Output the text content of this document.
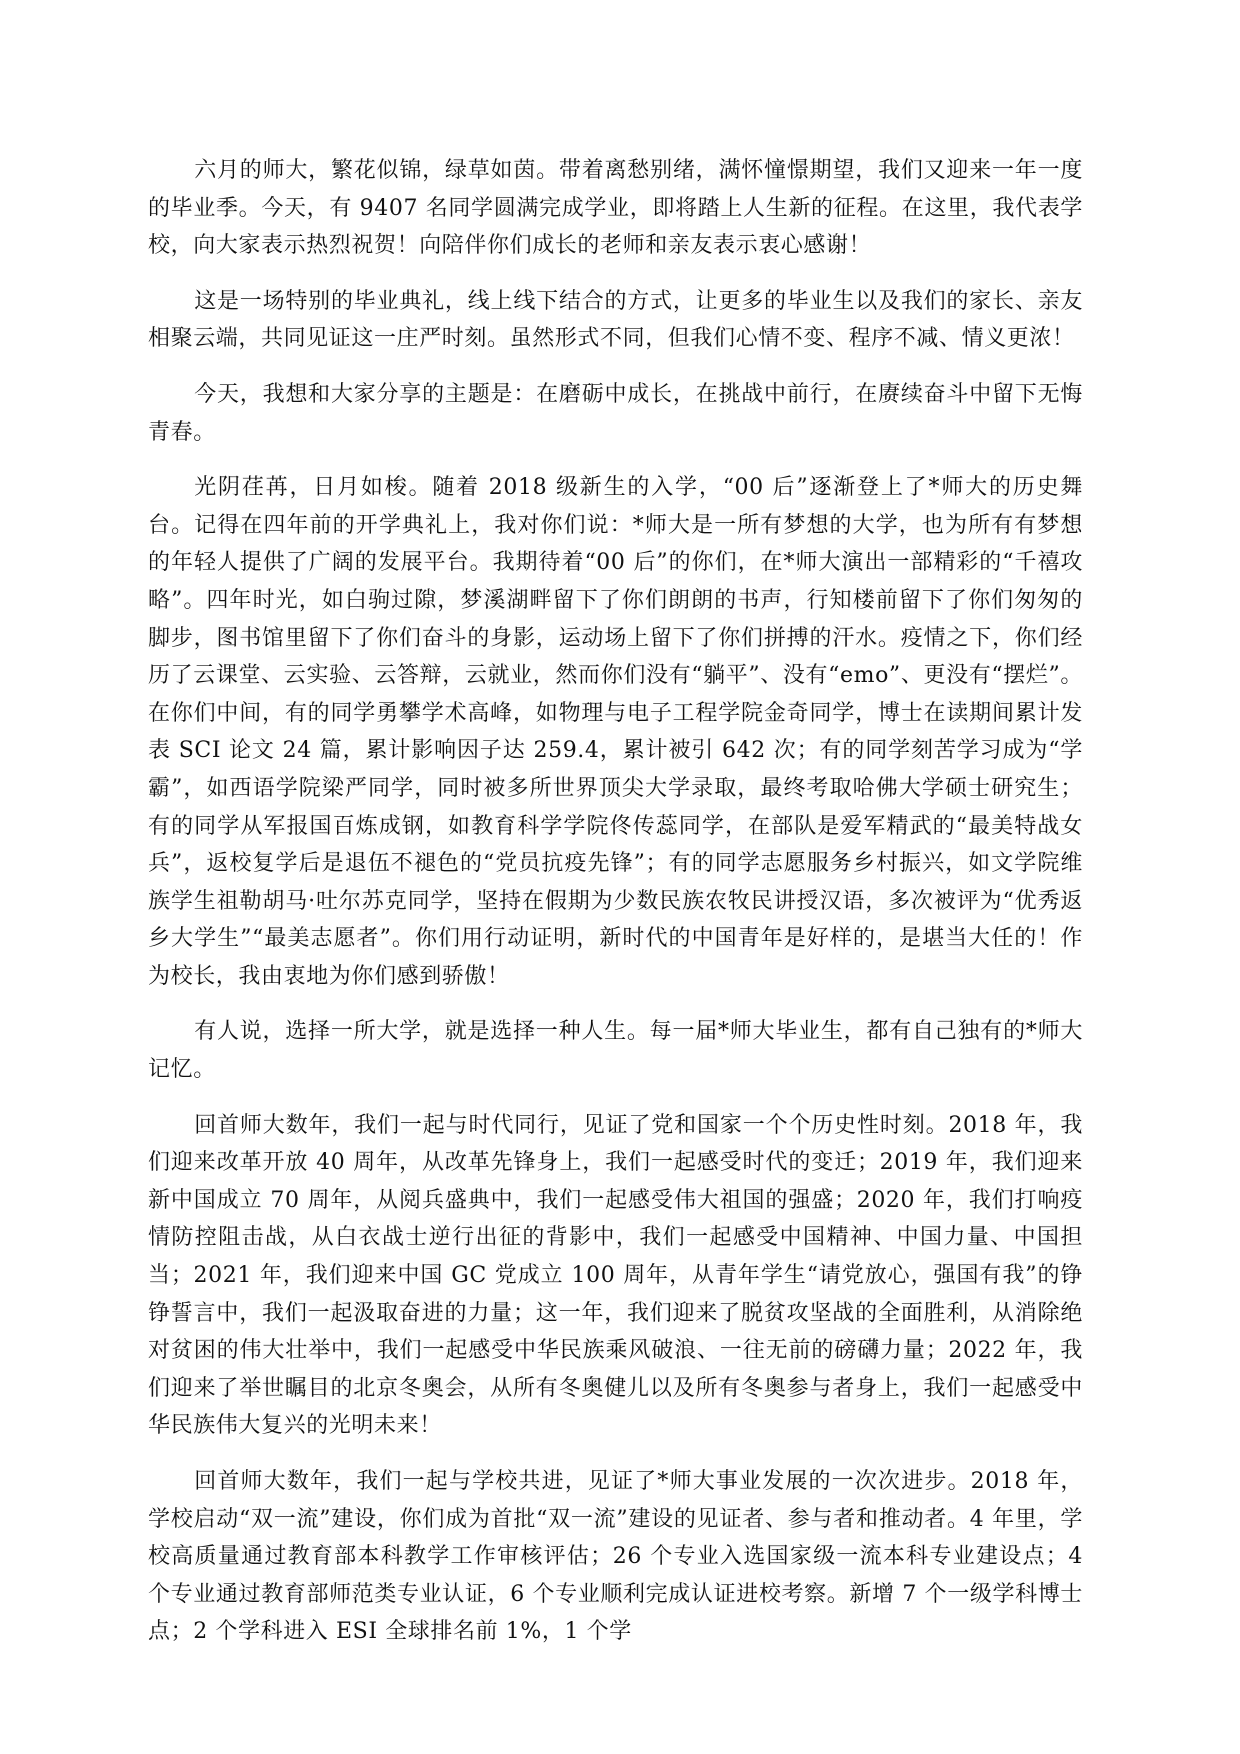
六月的师大，繁花似锦，绿草如茵。带着离愁别绪，满怀憧憬期望，我们又迎来一年一度的毕业季。今天，有 9407 名同学圆满完成学业，即将踏上人生新的征程。在这里，我代表学校，向大家表示热烈祝贺！向陪伴你们成长的老师和亲友表示衷心感谢！

这是一场特别的毕业典礼，线上线下结合的方式，让更多的毕业生以及我们的家长、亲友相聚云端，共同见证这一庄严时刻。虽然形式不同，但我们心情不变、程序不减、情义更浓！

今天，我想和大家分享的主题是：在磨砺中成长，在挑战中前行，在赓续奋斗中留下无悔青春。

光阴荏苒，日月如梭。随着 2018 级新生的入学，“00 后”逐渐登上了*师大的历史舞台。记得在四年前的开学典礼上，我对你们说：*师大是一所有梦想的大学，也为所有有梦想的年轻人提供了广阔的发展平台。我期待着“00 后”的你们，在*师大演出一部精彩的“千禧攻略”。四年时光，如白驹过隙，梦溪湖畔留下了你们朗朗的书声，行知楼前留下了你们匆匆的脚步，图书馆里留下了你们奋斗的身影，运动场上留下了你们拼搏的汗水。疫情之下，你们经历了云课堂、云实验、云答辩，云就业，然而你们没有“躺平”、没有“emo”、更没有“摆烂”。在你们中间，有的同学勇攀学术高峰，如物理与电子工程学院金奇同学，博士在读期间累计发表 SCI 论文 24 篇，累计影响因子达 259.4，累计被引 642 次；有的同学刻苦学习成为“学霸”，如西语学院梁严同学，同时被多所世界顶尖大学录取，最终考取哈佛大学硕士研究生；有的同学从军报国百炼成钢，如教育科学学院佟传蕊同学，在部队是爱军精武的“最美特战女兵”，返校复学后是退伍不褪色的“党员抗疫先锋”；有的同学志愿服务乡村振兴，如文学院维族学生祖勒胡马·吐尔苏克同学，坚持在假期为少数民族农牧民讲授汉语，多次被评为“优秀返乡大学生”“最美志愿者”。你们用行动证明，新时代的中国青年是好样的，是堪当大任的！作为校长，我由衷地为你们感到骄傲！

有人说，选择一所大学，就是选择一种人生。每一届*师大毕业生，都有自己独有的*师大记忆。

回首师大数年，我们一起与时代同行，见证了党和国家一个个历史性时刻。2018 年，我们迎来改革开放 40 周年，从改革先锋身上，我们一起感受时代的变迁；2019 年，我们迎来新中国成立 70 周年，从阅兵盛典中，我们一起感受伟大祖国的强盛；2020 年，我们打响疫情防控阻击战，从白衣战士逆行出征的背影中，我们一起感受中国精神、中国力量、中国担当；2021 年，我们迎来中国 GC 党成立 100 周年，从青年学生“请党放心，强国有我”的铮铮誓言中，我们一起汲取奋进的力量；这一年，我们迎来了脱贫攻坚战的全面胜利，从消除绝对贫困的伟大壮举中，我们一起感受中华民族乘风破浪、一往无前的磅礴力量；2022 年，我们迎来了举世瞩目的北京冬奥会，从所有冬奥健儿以及所有冬奥参与者身上，我们一起感受中华民族伟大复兴的光明未来！

回首师大数年，我们一起与学校共进，见证了*师大事业发展的一次次进步。2018 年，学校启动“双一流”建设，你们成为首批“双一流”建设的见证者、参与者和推动者。4 年里，学校高质量通过教育部本科教学工作审核评估；26 个专业入选国家级一流本科专业建设点；4 个专业通过教育部师范类专业认证，6 个专业顺利完成认证进校考察。新增 7 个一级学科博士点；2 个学科进入 ESI 全球排名前 1%，1 个学
